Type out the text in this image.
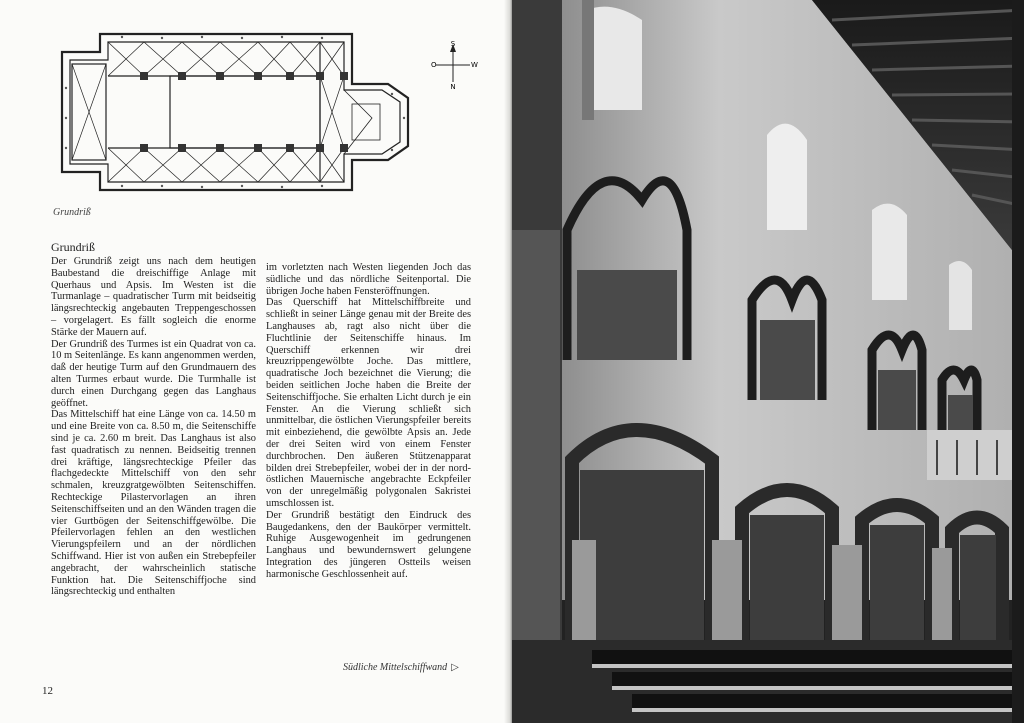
S
O	W
N
Grundriß
Grundriß

Der Grundriß zeigt uns nach dem heutigen Baubestand die dreischiffige Anlage mit Querhaus und Apsis. Im Westen ist die Turmanlage – quadratischer Turm mit beidseitig längsrechteckig angebauten Treppengeschossen – vorgelagert. Es fällt sogleich die enorme Stärke der Mauern auf.

Der Grundriß des Turmes ist ein Quadrat von ca. 10 m Seitenlänge. Es kann angenommen werden, daß der heutige Turm auf den Grundmauern des alten Turmes erbaut wurde. Die Turmhalle ist durch einen Durchgang gegen das Langhaus geöffnet.

Das Mittelschiff hat eine Länge von ca. 14.50 m und eine Breite von ca. 8.50 m, die Seitenschiffe sind je ca. 2.60 m breit. Das Langhaus ist also fast quadratisch zu nennen. Beidseitig trennen drei kräftige, längsrechteckige Pfeiler das flachgedeckte Mittelschiff von den sehr schmalen, kreuzgratgewölbten Seitenschiffen. Rechteckige Pilastervorlagen an ihren Seitenschiffseiten und an den Wänden tragen die vier Gurtbögen der Seitenschiffgewölbe. Die Pfeilervorlagen fehlen an den westlichen Vierungspfeilern und an der nördlichen Schiffwand. Hier ist von außen ein Strebepfeiler angebracht, der wahrscheinlich statische Funktion hat. Die Seitenschiffjoche sind längsrechteckig und enthalten

im vorletzten nach Westen liegenden Joch das südliche und das nördliche Seitenportal. Die übrigen Joche haben Fensteröffnungen.

Das Querschiff hat Mittelschiffbreite und schließt in seiner Länge genau mit der Breite des Langhauses ab, ragt also nicht über die Fluchtlinie der Seitenschiffe hinaus. Im Querschiff erkennen wir drei kreuzrippengewölbte Joche. Das mittlere, quadratische Joch bezeichnet die Vierung; die beiden seitlichen Joche haben die Breite der Seitenschiffjoche. Sie erhalten Licht durch je ein Fenster. An die Vierung schließt sich unmittelbar, die östlichen Vierungspfeiler bereits mit einbeziehend, die gewölbte Apsis an. Jede der drei Seiten wird von einem Fenster durchbrochen. Den äußeren Stützenapparat bilden drei Strebepfeiler, wobei der in der nord-östlichen Mauernische angebrachte Eckpfeiler von der unregelmäßig polygonalen Sakristei umschlossen ist.

Der Grundriß bestätigt den Eindruck des Baugedankens, den der Baukörper vermittelt. Ruhige Ausgewogenheit im gedrungenen Langhaus und bewundernswert gelungene Integration des jüngeren Ostteils weisen harmonische Geschlossenheit auf.

Südliche Mittelschiffwand ▷
12
